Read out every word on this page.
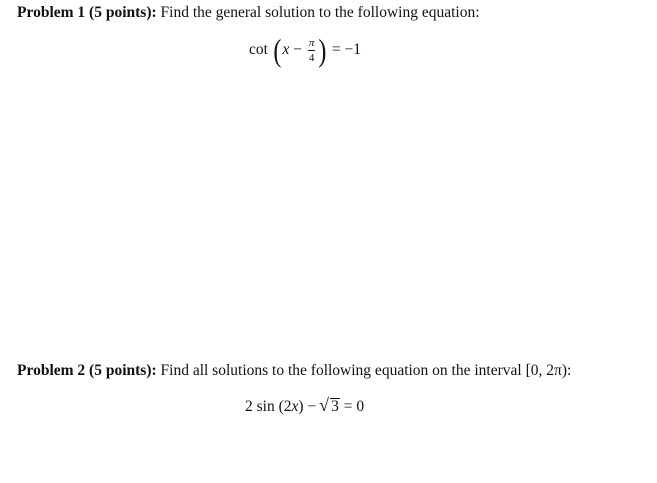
Problem 1 (5 points): Find the general solution to the following equation:
$\cot (x - \frac{\pi}{4}$ ) = −1
Problem 2 (5 points): Find all solutions to the following equation on the interval [0, 2π):
2 sin (2x) − √ 3 = 0
